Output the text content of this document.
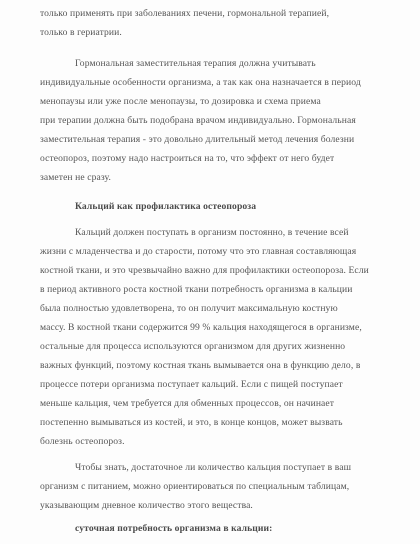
только применять при заболеваниях печени, гормональной терапией,
только в гериатрии.
Гормональная заместительная терапия должна учитывать
индивидуальные особенности организма, а так как она назначается в период
менопаузы или уже после менопаузы, то дозировка и схема приема
при терапии должна быть подобрана врачом индивидуально. Гормональная
заместительная терапия - это довольно длительный метод лечения болезни
остеопороз, поэтому надо настроиться на то, что эффект от него будет
заметен не сразу.
Кальций как профилактика остеопороза
Кальций должен поступать в организм постоянно, в течение всей
жизни с младенчества и до старости, потому что это главная составляющая
костной ткани, и это чрезвычайно важно для профилактики остеопороза. Если
в период активного роста костной ткани потребность организма в кальции
была полностью удовлетворена, то он получит максимальную костную
массу. В костной ткани содержится 99 % кальция находящегося в организме,
остальные для процесса используются организмом для других жизненно
важных функций, поэтому костная ткань вымывается она в функцию дело, в
процессе потери организма поступает кальций. Если с пищей поступает
меньше кальция, чем требуется для обменных процессов, он начинает
постепенно вымываться из костей, и это, в конце концов, может вызвать
болезнь остеопороз.
Чтобы знать, достаточное ли количество кальция поступает в ваш
организм с питанием, можно ориентироваться по специальным таблицам,
указывающим дневное количество этого вещества.
суточная потребность организма в кальции:
